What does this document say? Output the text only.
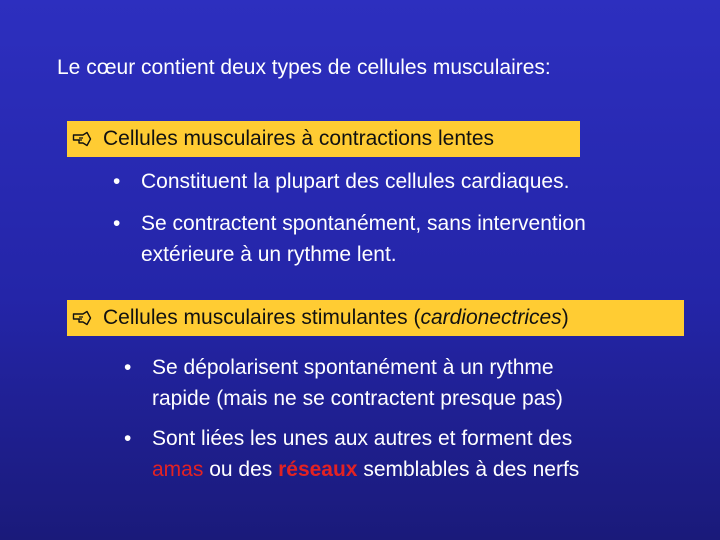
Le cœur contient deux types de cellules musculaires:
Cellules musculaires à contractions lentes
• Constituent la plupart des cellules cardiaques.
• Se contractent spontanément, sans intervention
extérieure à un rythme lent.
Cellules musculaires stimulantes (cardionectrices)
• Se dépolarisent spontanément à un rythme
rapide (mais ne se contractent presque pas)
• Sont liées les unes aux autres et forment des
amas ou des réseaux semblables à des nerfs
